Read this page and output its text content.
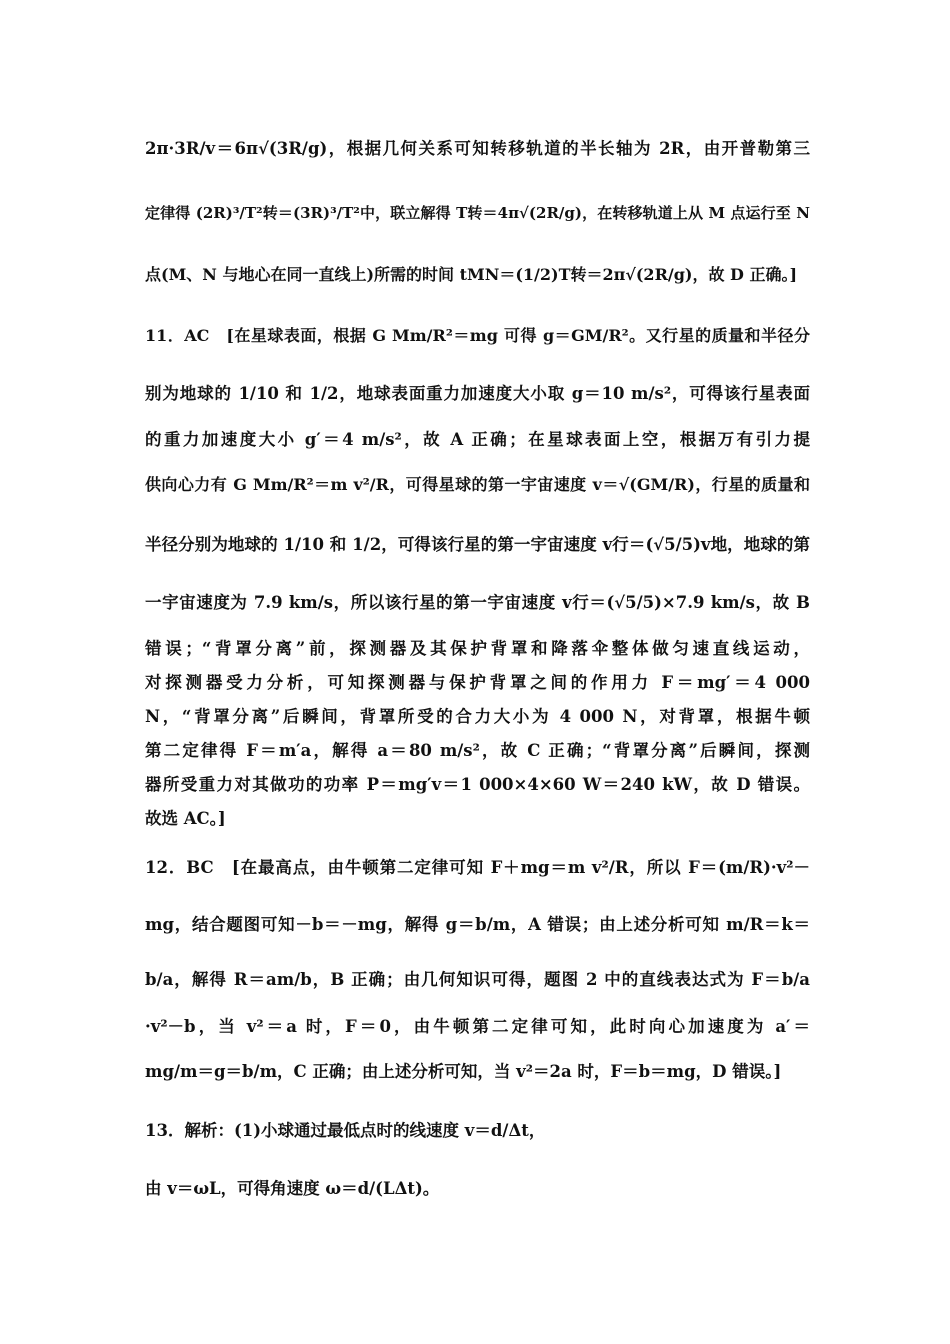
2π·3R/v＝6π√(3R/g)，根据几何关系可知转移轨道的半长轴为 2R，由开普勒第三
定律得 (2R)³/T²转＝(3R)³/T²中，联立解得 T转＝4π√(2R/g)，在转移轨道上从 M 点运行至 N
点(M、N 与地心在同一直线上)所需的时间 tMN＝(1/2)T转＝2π√(2R/g)，故 D 正确。]
11．AC　[在星球表面，根据 G Mm/R²＝mg 可得 g＝GM/R²。又行星的质量和半径分
别为地球的 1/10 和 1/2，地球表面重力加速度大小取 g＝10 m/s²，可得该行星表面
的重力加速度大小 g′＝4 m/s²，故 A 正确；在星球表面上空，根据万有引力提
供向心力有 G Mm/R²＝m v²/R，可得星球的第一宇宙速度 v＝√(GM/R)，行星的质量和
半径分别为地球的 1/10 和 1/2，可得该行星的第一宇宙速度 v行＝(√5/5)v地，地球的第
一宇宙速度为 7.9 km/s，所以该行星的第一宇宙速度 v行＝(√5/5)×7.9 km/s，故 B
错误；“背罩分离”前，探测器及其保护背罩和降落伞整体做匀速直线运动，
对探测器受力分析，可知探测器与保护背罩之间的作用力 F＝mg′＝4 000
N，“背罩分离”后瞬间，背罩所受的合力大小为 4 000 N，对背罩，根据牛顿
第二定律得 F＝m′a，解得 a＝80 m/s²，故 C 正确；“背罩分离”后瞬间，探测
器所受重力对其做功的功率 P＝mg′v＝1 000×4×60 W＝240 kW，故 D 错误。
故选 AC。]
12．BC　[在最高点，由牛顿第二定律可知 F＋mg＝m v²/R，所以 F＝(m/R)·v²－
mg，结合题图可知－b＝－mg，解得 g＝b/m，A 错误；由上述分析可知 m/R＝k＝
b/a，解得 R＝am/b，B 正确；由几何知识可得，题图 2 中的直线表达式为 F＝b/a
·v²－b，当 v²＝a 时，F＝0，由牛顿第二定律可知，此时向心加速度为 a′＝
mg/m＝g＝b/m，C 正确；由上述分析可知，当 v²＝2a 时，F＝b＝mg，D 错误。]
13．解析：(1)小球通过最低点时的线速度 v＝d/Δt，
由 v＝ωL，可得角速度 ω＝d/(LΔt)。
